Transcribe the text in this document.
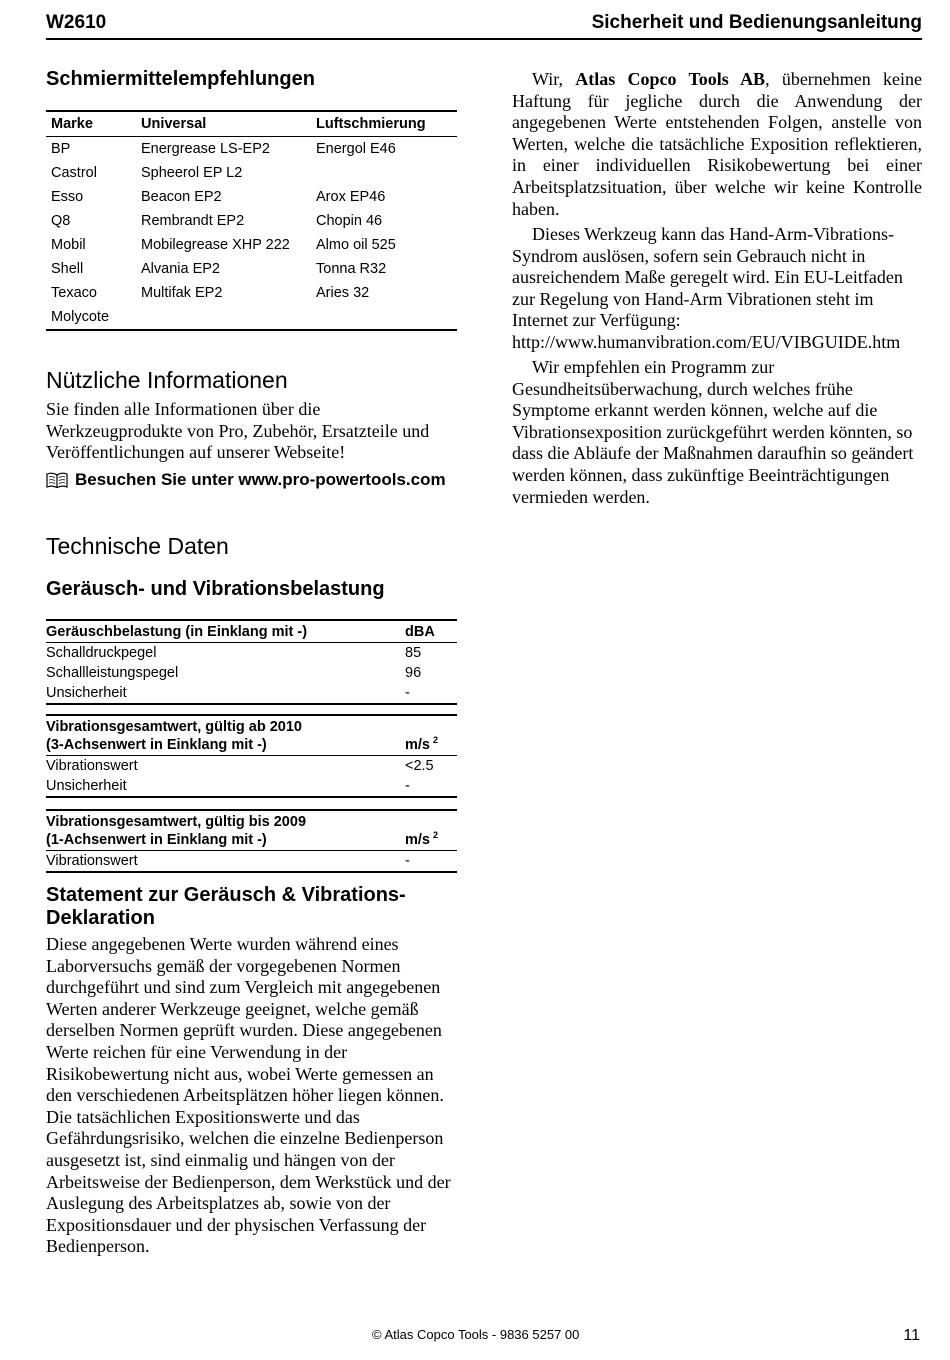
W2610	Sicherheit und Bedienungsanleitung
Schmiermittelempfehlungen
Marke	Universal	Luftschmierung
BP	Energrease LS-EP2	Energol E46
Castrol	Spheerol EP L2	
Esso	Beacon EP2	Arox EP46
Q8	Rembrandt EP2	Chopin 46
Mobil	Mobilegrease XHP 222	Almo oil 525
Shell	Alvania EP2	Tonna R32
Texaco	Multifak EP2	Aries 32
Molycote		
Nützliche Informationen

Sie finden alle Informationen über die Werkzeugprodukte von Pro, Zubehör, Ersatzteile und Veröffentlichungen auf unserer Webseite!

Besuchen Sie unter www.pro-powertools.com
Technische Daten
Geräusch- und Vibrationsbelastung
Geräuschbelastung (in Einklang mit -)	dBA
Schalldruckpegel	85
Schallleistungspegel	96
Unsicherheit	-
Vibrationsgesamtwert, gültig ab 2010
(3-Achsenwert in Einklang mit -)	m/s $^2$
Vibrationswert	<2.5
Unsicherheit	-
Vibrationsgesamtwert, gültig bis 2009
(1-Achsenwert in Einklang mit -)	m/s $^2$
Vibrationswert	-
Statement zur Geräusch & Vibrations-Deklaration

Diese angegebenen Werte wurden während eines Laborversuchs gemäß der vorgegebenen Normen durchgeführt und sind zum Vergleich mit angegebenen Werten anderer Werkzeuge geeignet, welche gemäß derselben Normen geprüft wurden. Diese angegebenen Werte reichen für eine Verwendung in der Risikobewertung nicht aus, wobei Werte gemessen an den verschiedenen Arbeitsplätzen höher liegen können. Die tatsächlichen Expositionswerte und das Gefährdungsrisiko, welchen die einzelne Bedienperson ausgesetzt ist, sind einmalig und hängen von der Arbeitsweise der Bedienperson, dem Werkstück und der Auslegung des Arbeitsplatzes ab, sowie von der Expositionsdauer und der physischen Verfassung der Bedienperson.

Wir, Atlas Copco Tools AB, übernehmen keine Haftung für jegliche durch die Anwendung der angegebenen Werte entstehenden Folgen, anstelle von Werten, welche die tatsächliche Exposition reflektieren, in einer individuellen Risikobewertung bei einer Arbeitsplatzsituation, über welche wir keine Kontrolle haben.

Dieses Werkzeug kann das Hand-Arm-Vibrations-Syndrom auslösen, sofern sein Gebrauch nicht in ausreichendem Maße geregelt wird. Ein EU-Leitfaden zur Regelung von Hand-Arm Vibrationen steht im Internet zur Verfügung: http://www.humanvibration.com/EU/VIBGUIDE.htm

Wir empfehlen ein Programm zur Gesundheitsüberwachung, durch welches frühe Symptome erkannt werden können, welche auf die Vibrationsexposition zurückgeführt werden könnten, so dass die Abläufe der Maßnahmen daraufhin so geändert werden können, dass zukünftige Beeinträchtigungen vermieden werden.

© Atlas Copco Tools - 9836 5257 00	11
